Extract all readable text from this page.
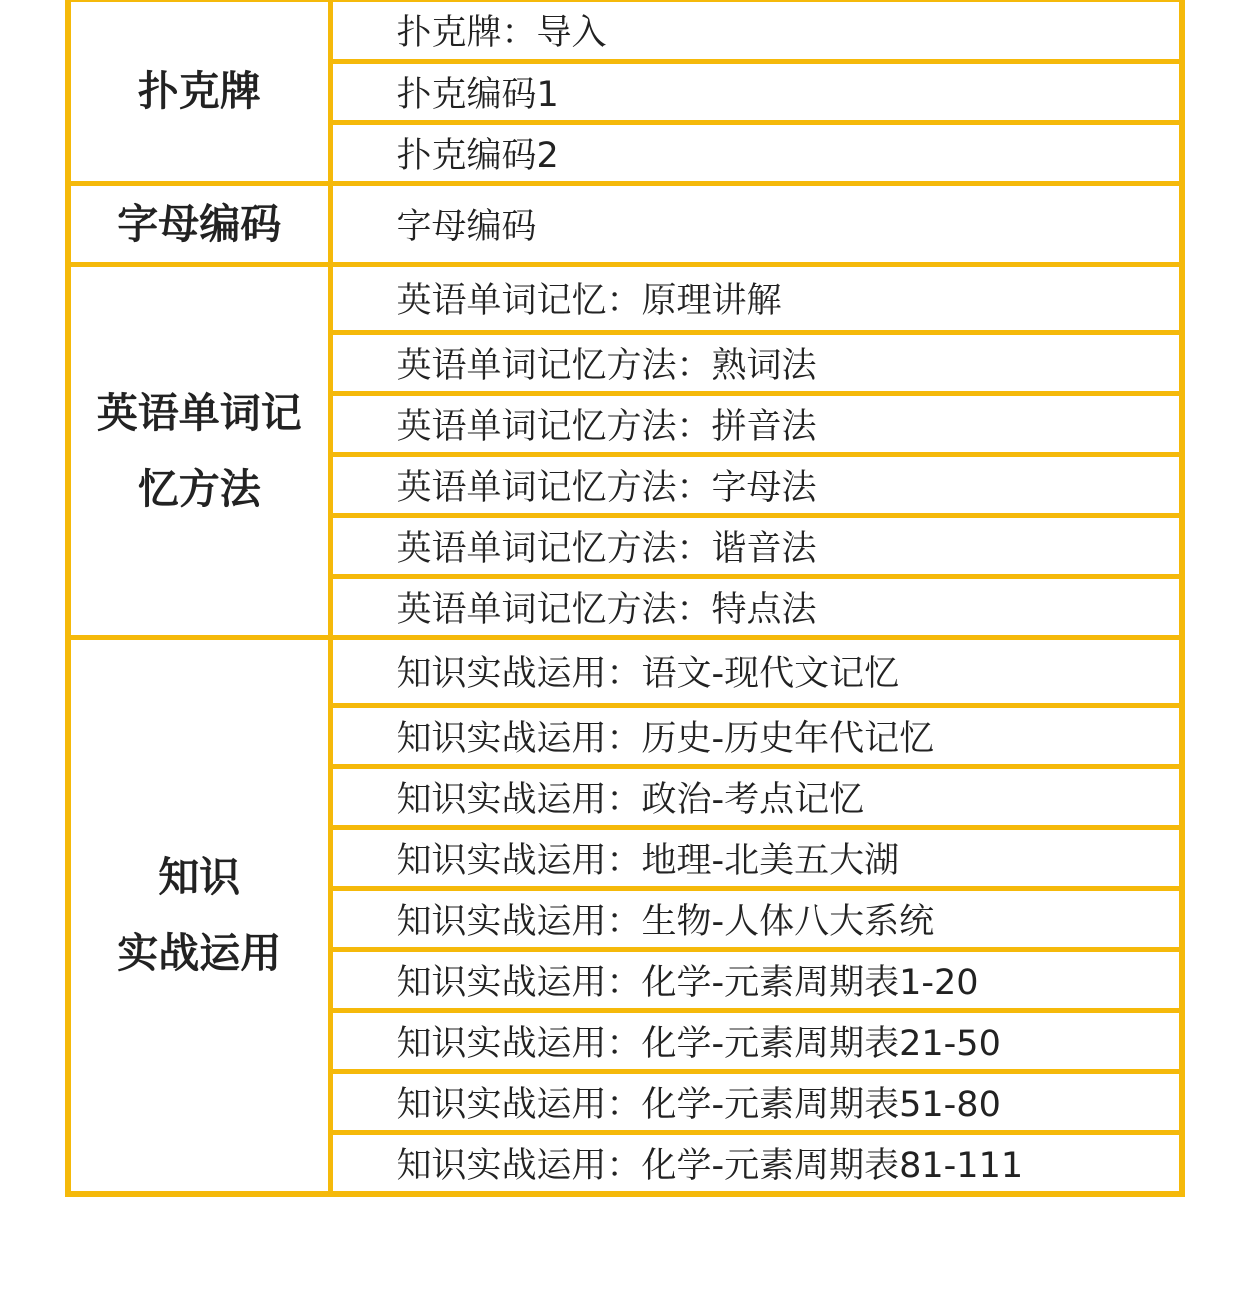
扑克牌	扑克牌：导入
	扑克编码1
	扑克编码2

字母编码	字母编码

英语单词记
忆方法	英语单词记忆：原理讲解
	英语单词记忆方法：熟词法
	英语单词记忆方法：拼音法
	英语单词记忆方法：字母法
	英语单词记忆方法：谐音法
	英语单词记忆方法：特点法

知识
实战运用	知识实战运用：语文-现代文记忆
	知识实战运用：历史-历史年代记忆
	知识实战运用：政治-考点记忆
	知识实战运用：地理-北美五大湖
	知识实战运用：生物-人体八大系统
	知识实战运用：化学-元素周期表1-20
	知识实战运用：化学-元素周期表21-50
	知识实战运用：化学-元素周期表51-80
	知识实战运用：化学-元素周期表81-111
